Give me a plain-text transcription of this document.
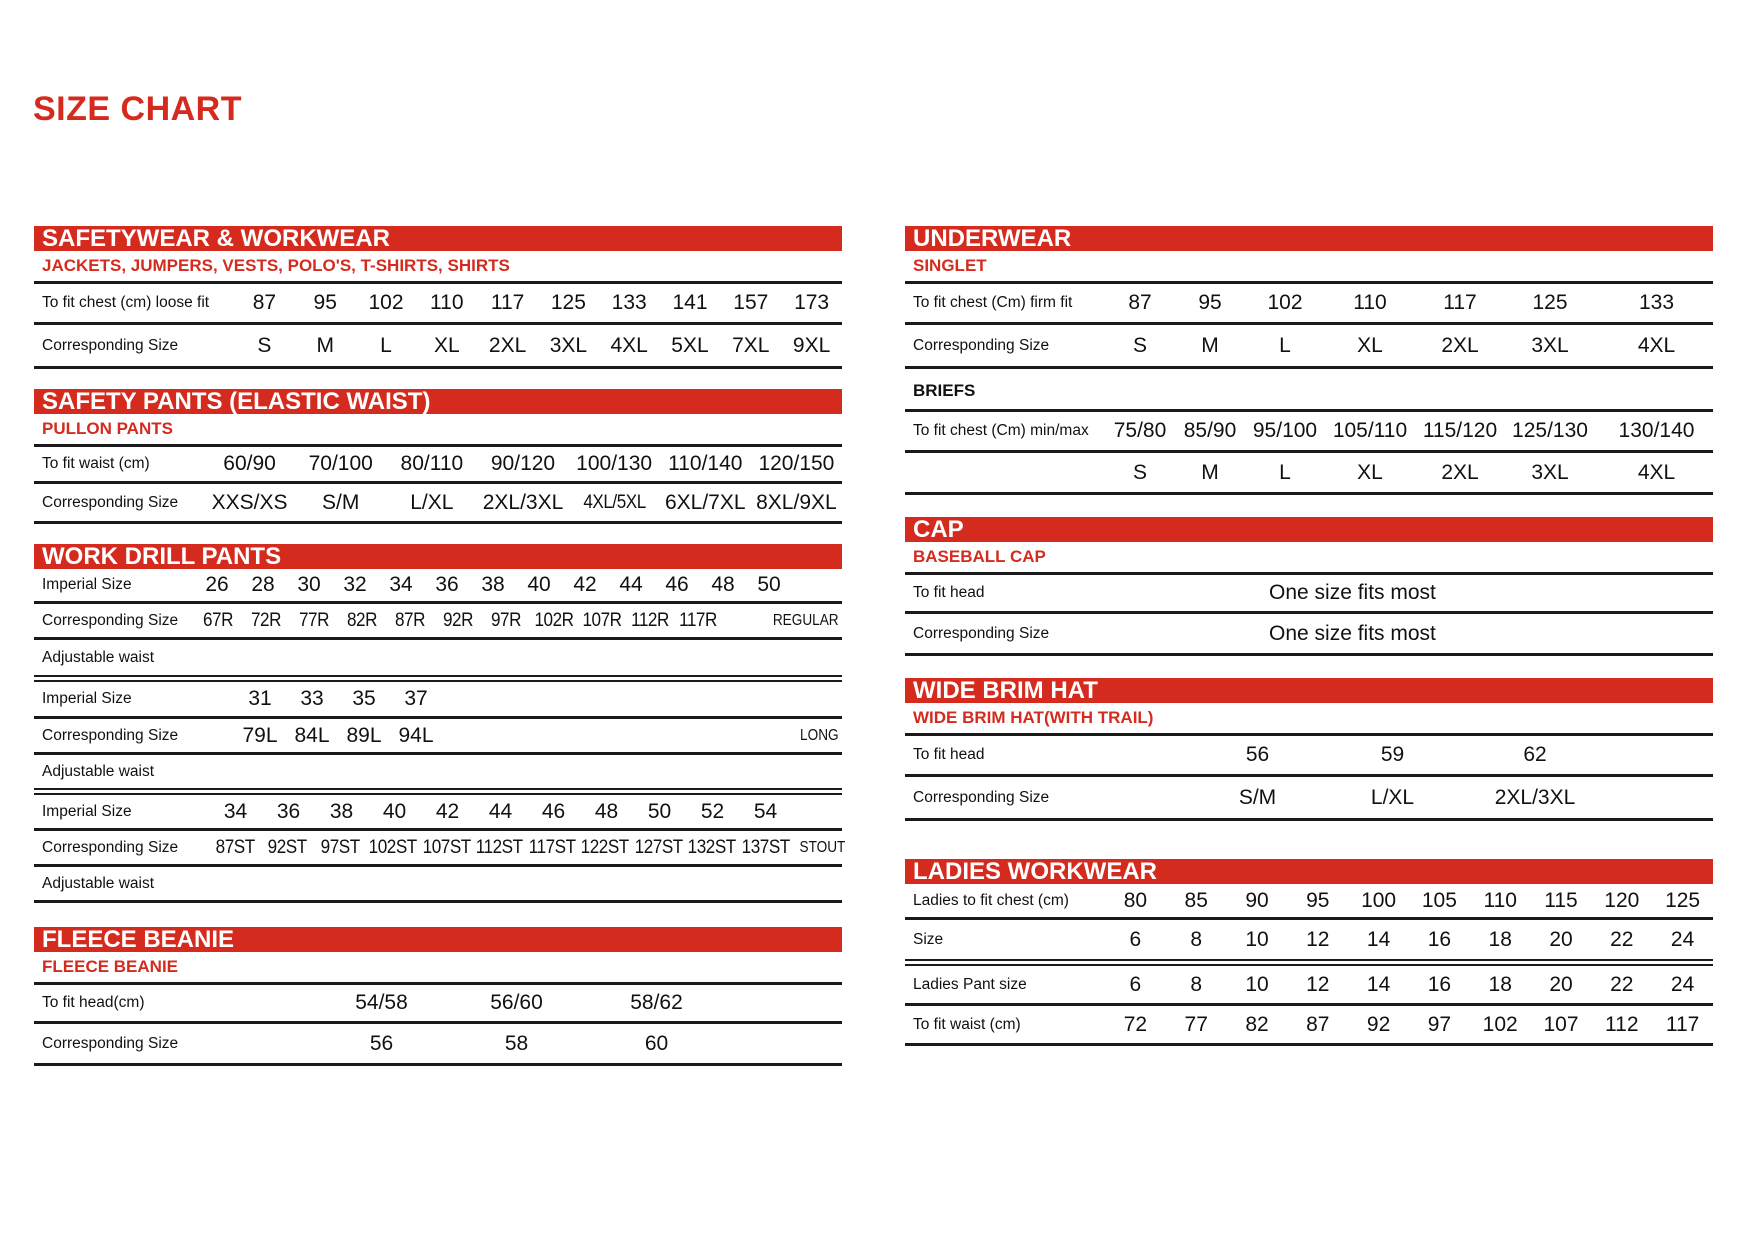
SIZE CHART
SAFETYWEAR & WORKWEAR
JACKETS, JUMPERS, VESTS, POLO'S, T-SHIRTS, SHIRTS
To fit chest (cm) loose fit	87	95	102	110	117	125	133	141	157	173
Corresponding Size	S	M	L	XL	2XL	3XL	4XL	5XL	7XL	9XL
SAFETY PANTS (ELASTIC WAIST)
PULLON PANTS
To fit waist (cm)	60/90	70/100	80/110	90/120	100/130 110/140 120/150
Corresponding Size	XXS/XS	S/M	L/XL	2XL/3XL	4XL/5XL 6XL/7XL 8XL/9XL
WORK DRILL PANTS
Imperial Size	26	28	30	32	34	36	38	40	42	44	46	48	50
Corresponding Size	67R 72R 77R 82R 87R 92R 97R 102R 107R 112R 117R	REGULAR
Adjustable waist
Imperial Size	31	33	35	37
Corresponding Size	79L 84L 89L 94L	LONG
Adjustable waist
Imperial Size	34	36	38	40	42	44	46	48	50	52	54
Corresponding Size	87ST 92ST 97ST 102ST 107ST 112ST 117ST 122ST 127ST 132ST 137ST STOUT
Adjustable waist
FLEECE BEANIE
FLEECE BEANIE
To fit head(cm)	54/58	56/60	58/62
Corresponding Size	56	58	60
UNDERWEAR
SINGLET
To fit chest (Cm) firm fit	87	95	102	110	117	125	133
Corresponding Size	S	M	L	XL	2XL	3XL	4XL
BRIEFS
To fit chest (Cm) min/max	75/80 85/90 95/100 105/110 115/120 125/130	130/140
S	M	L	XL	2XL	3XL	4XL
CAP
BASEBALL CAP
To fit head	One size fits most
Corresponding Size	One size fits most
WIDE BRIM HAT
WIDE BRIM HAT(WITH TRAIL)
To fit head	56	59	62
Corresponding Size	S/M	L/XL	2XL/3XL
LADIES WORKWEAR
Ladies to fit chest (cm)	80	85	90	95	100	105	110	115	120	125
Size	6	8	10	12	14	16	18	20	22	24
Ladies Pant size	6	8	10	12	14	16	18	20	22	24
To fit waist (cm)	72	77	82	87	92	97	102	107	112	117
